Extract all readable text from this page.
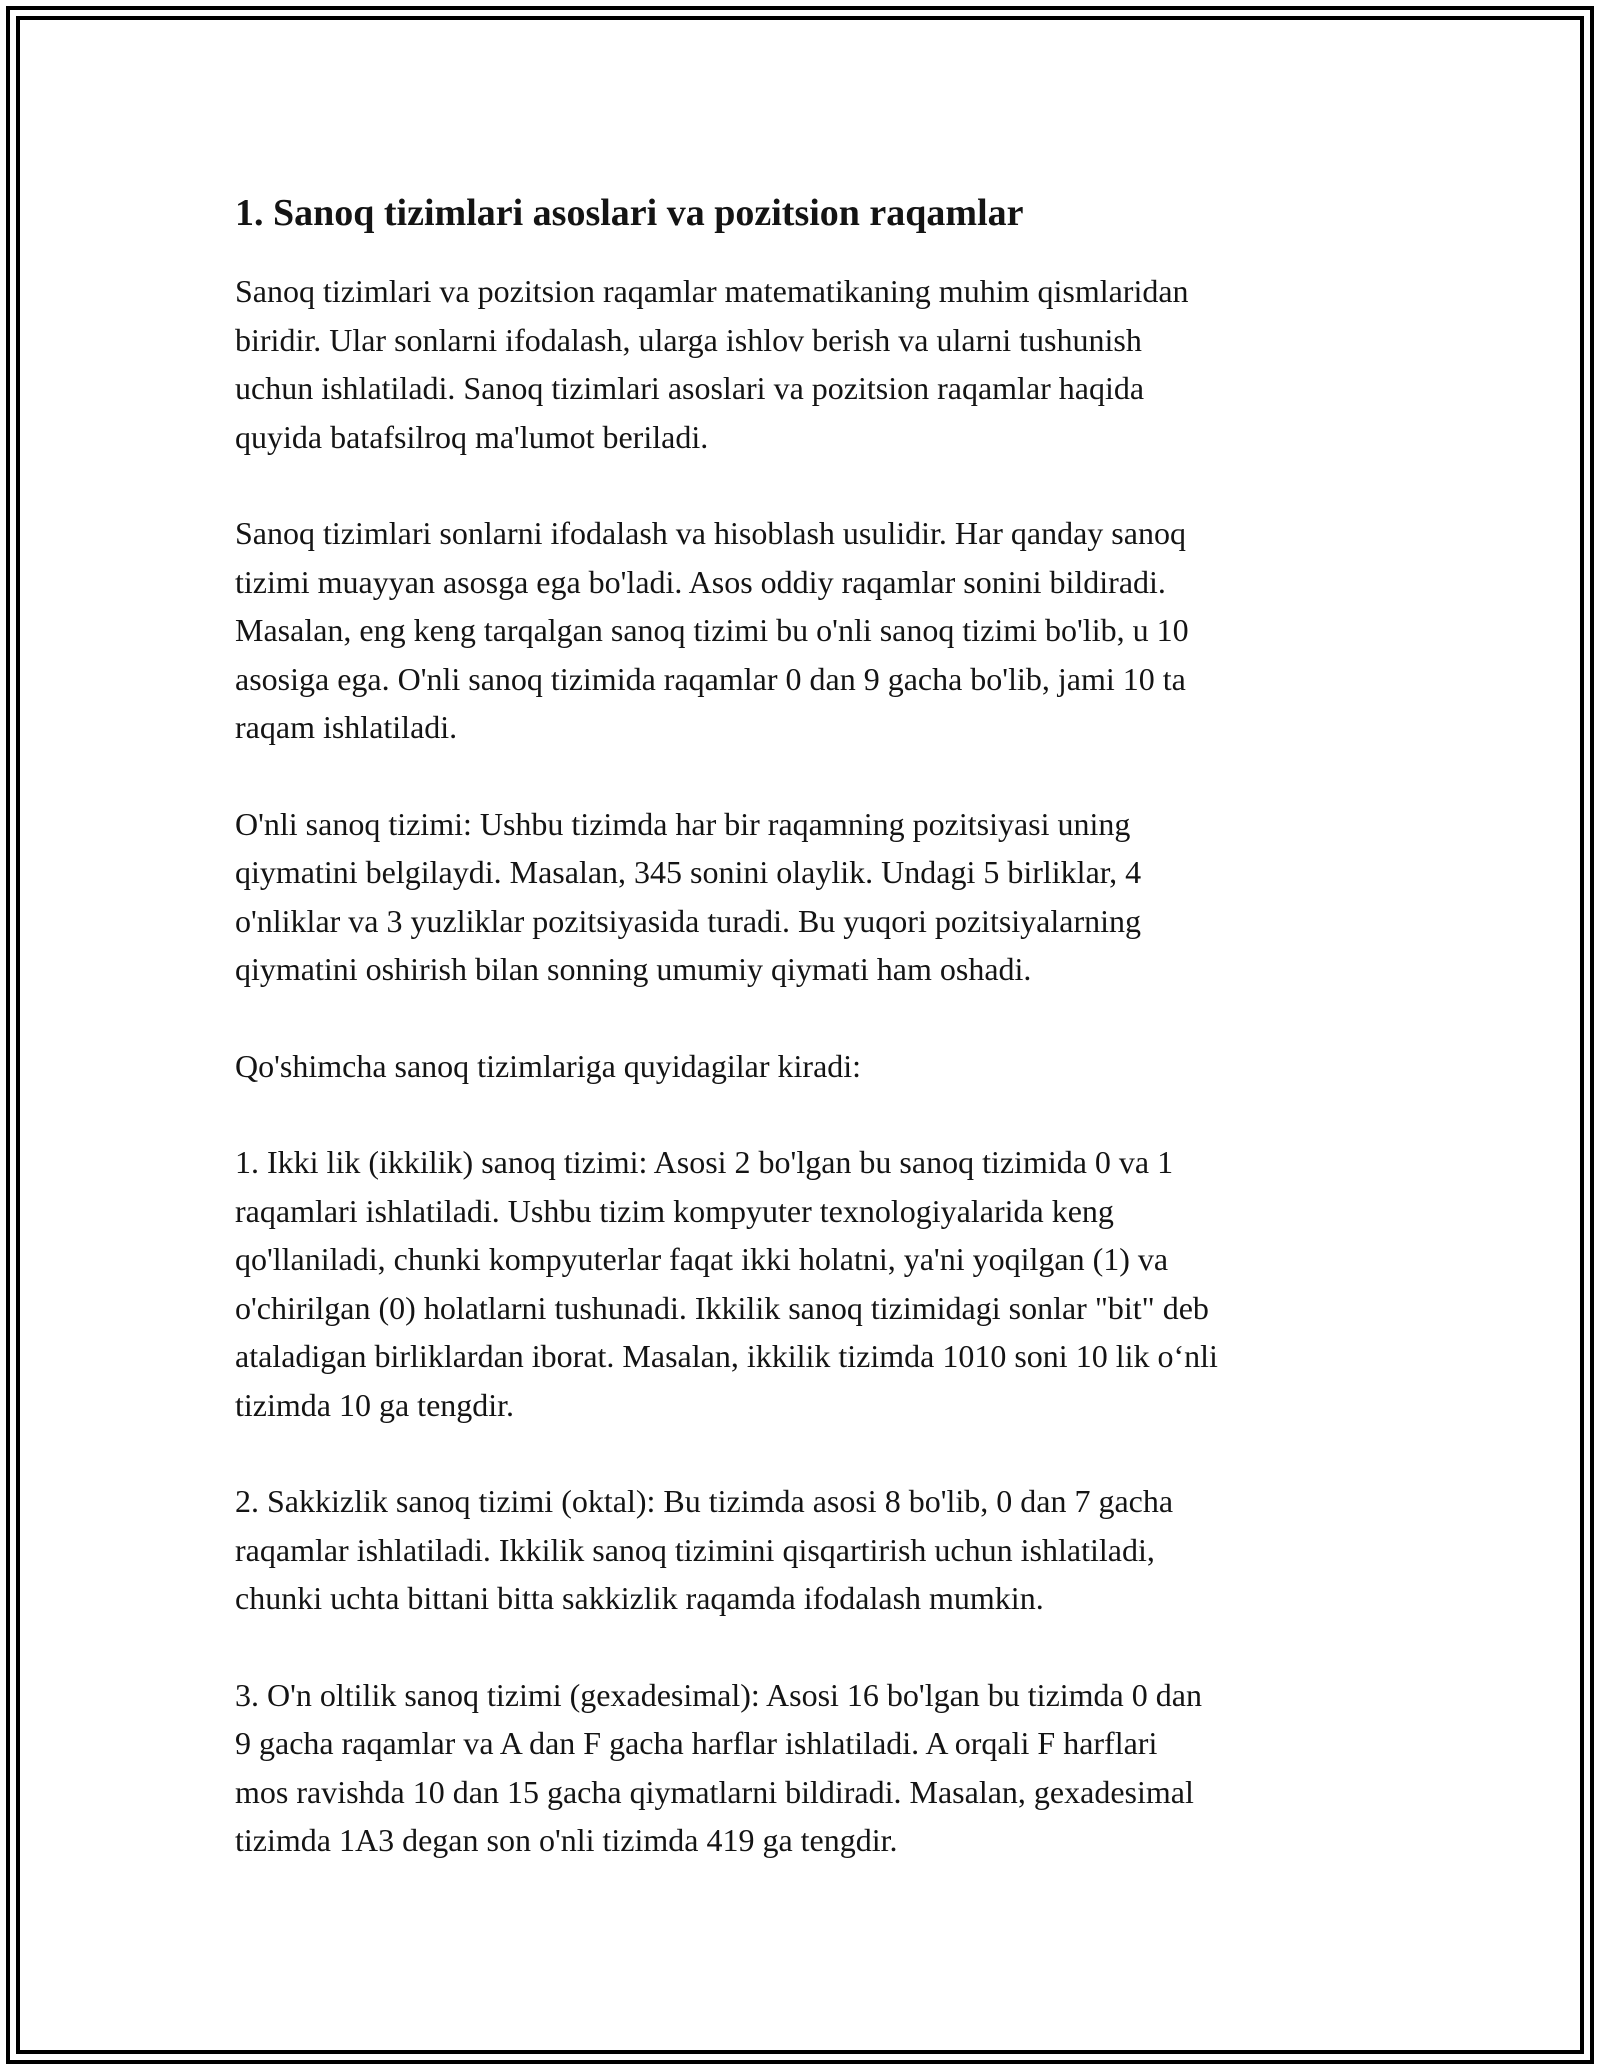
1. Sanoq tizimlari asoslari va pozitsion raqamlar

Sanoq tizimlari va pozitsion raqamlar matematikaning muhim qismlaridan
biridir. Ular sonlarni ifodalash, ularga ishlov berish va ularni tushunish
uchun ishlatiladi. Sanoq tizimlari asoslari va pozitsion raqamlar haqida
quyida batafsilroq ma'lumot beriladi.

Sanoq tizimlari sonlarni ifodalash va hisoblash usulidir. Har qanday sanoq
tizimi muayyan asosga ega bo'ladi. Asos oddiy raqamlar sonini bildiradi.
Masalan, eng keng tarqalgan sanoq tizimi bu o'nli sanoq tizimi bo'lib, u 10
asosiga ega. O'nli sanoq tizimida raqamlar 0 dan 9 gacha bo'lib, jami 10 ta
raqam ishlatiladi.

O'nli sanoq tizimi: Ushbu tizimda har bir raqamning pozitsiyasi uning
qiymatini belgilaydi. Masalan, 345 sonini olaylik. Undagi 5 birliklar, 4
o'nliklar va 3 yuzliklar pozitsiyasida turadi. Bu yuqori pozitsiyalarning
qiymatini oshirish bilan sonning umumiy qiymati ham oshadi.

Qo'shimcha sanoq tizimlariga quyidagilar kiradi:

1. Ikki lik (ikkilik) sanoq tizimi: Asosi 2 bo'lgan bu sanoq tizimida 0 va 1
raqamlari ishlatiladi. Ushbu tizim kompyuter texnologiyalarida keng
qo'llaniladi, chunki kompyuterlar faqat ikki holatni, ya'ni yoqilgan (1) va
o'chirilgan (0) holatlarni tushunadi. Ikkilik sanoq tizimidagi sonlar "bit" deb
ataladigan birliklardan iborat. Masalan, ikkilik tizimda 1010 soni 10 lik o‘nli
tizimda 10 ga tengdir.

2. Sakkizlik sanoq tizimi (oktal): Bu tizimda asosi 8 bo'lib, 0 dan 7 gacha
raqamlar ishlatiladi. Ikkilik sanoq tizimini qisqartirish uchun ishlatiladi,
chunki uchta bittani bitta sakkizlik raqamda ifodalash mumkin.

3. O'n oltilik sanoq tizimi (gexadesimal): Asosi 16 bo'lgan bu tizimda 0 dan
9 gacha raqamlar va A dan F gacha harflar ishlatiladi. A orqali F harflari
mos ravishda 10 dan 15 gacha qiymatlarni bildiradi. Masalan, gexadesimal
tizimda 1A3 degan son o'nli tizimda 419 ga tengdir.
